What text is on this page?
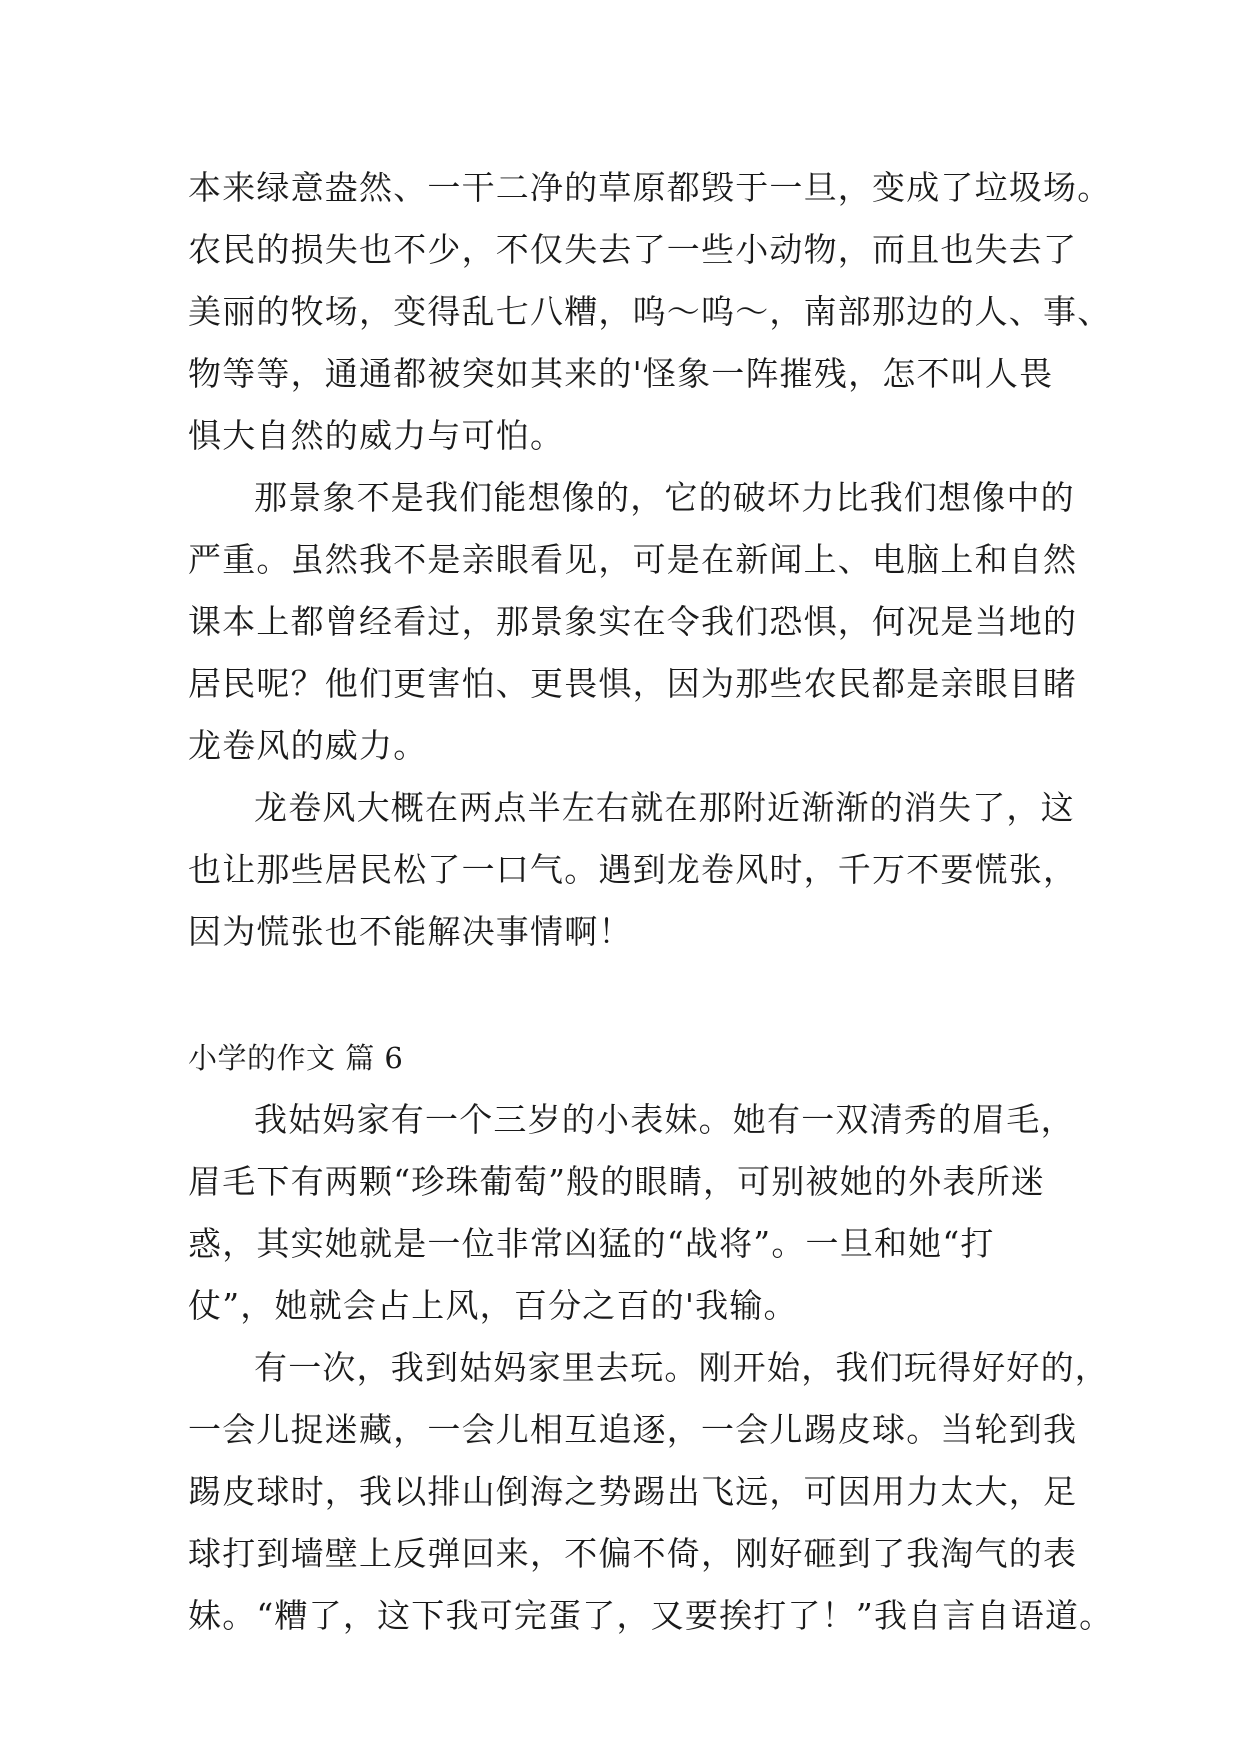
本来绿意盎然、一干二净的草原都毁于一旦，变成了垃圾场。
农民的损失也不少，不仅失去了一些小动物，而且也失去了
美丽的牧场，变得乱七八糟，呜～呜～，南部那边的人、事、
物等等，通通都被突如其来的'怪象一阵摧残，怎不叫人畏
惧大自然的威力与可怕。
那景象不是我们能想像的，它的破坏力比我们想像中的
严重。虽然我不是亲眼看见，可是在新闻上、电脑上和自然
课本上都曾经看过，那景象实在令我们恐惧，何况是当地的
居民呢？他们更害怕、更畏惧，因为那些农民都是亲眼目睹
龙卷风的威力。
龙卷风大概在两点半左右就在那附近渐渐的消失了，这
也让那些居民松了一口气。遇到龙卷风时，千万不要慌张，
因为慌张也不能解决事情啊！
小学的作文 篇 6
我姑妈家有一个三岁的小表妹。她有一双清秀的眉毛，
眉毛下有两颗“珍珠葡萄”般的眼睛，可别被她的外表所迷
惑，其实她就是一位非常凶猛的“战将”。一旦和她“打
仗”，她就会占上风，百分之百的'我输。
有一次，我到姑妈家里去玩。刚开始，我们玩得好好的，
一会儿捉迷藏，一会儿相互追逐，一会儿踢皮球。当轮到我
踢皮球时，我以排山倒海之势踢出飞远，可因用力太大，足
球打到墙壁上反弹回来，不偏不倚，刚好砸到了我淘气的表
妹。“糟了，这下我可完蛋了，又要挨打了！”我自言自语道。
